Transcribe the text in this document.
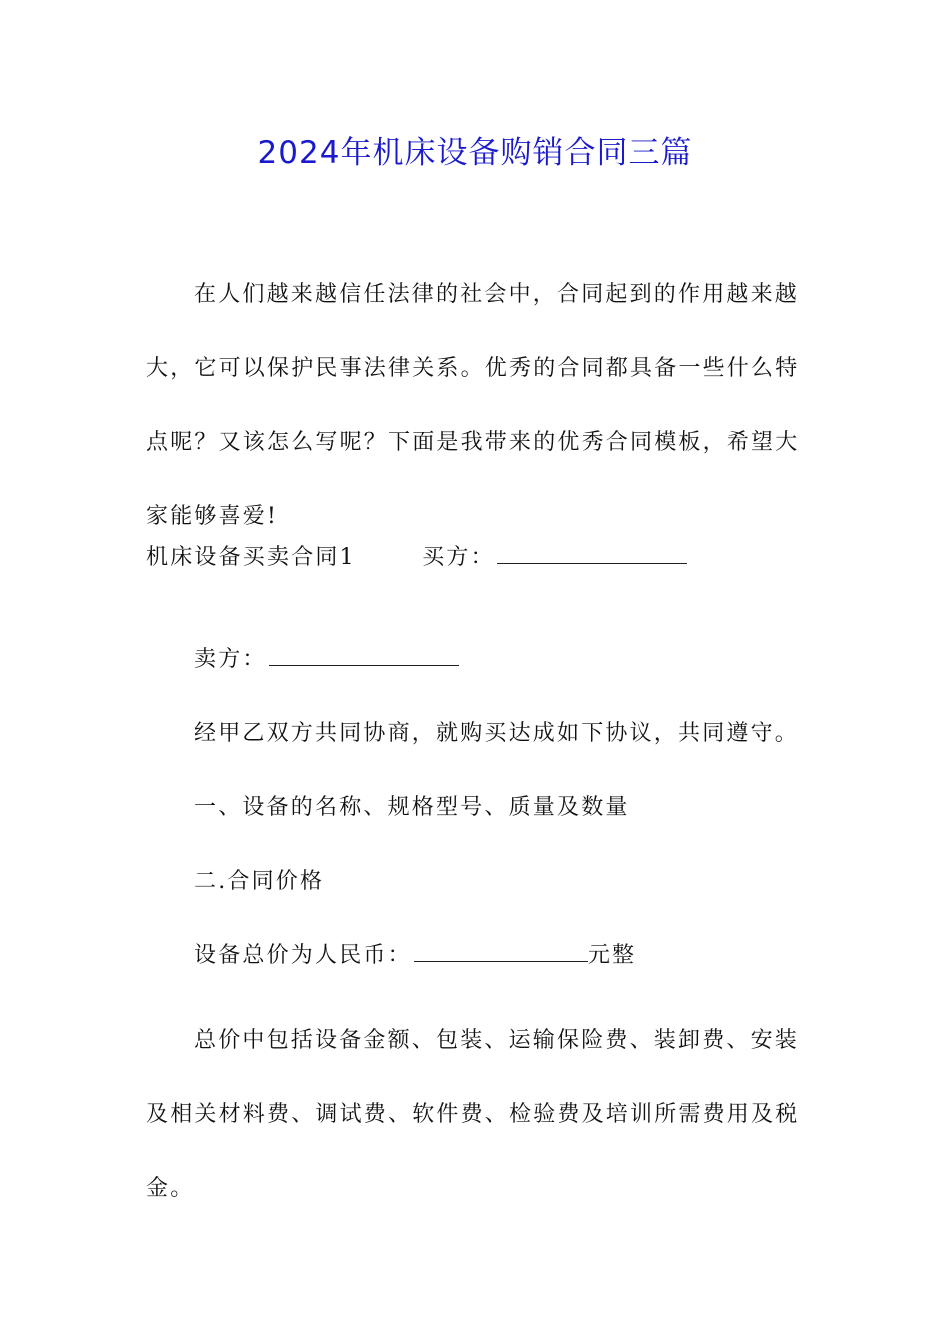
2024年机床设备购销合同三篇

在人们越来越信任法律的社会中，合同起到的作用越来越大，它可以保护民事法律关系。优秀的合同都具备一些什么特点呢？又该怎么写呢？下面是我带来的优秀合同模板，希望大家能够喜爱!

机床设备买卖合同1	买方：
卖方：
经甲乙双方共同协商，就购买达成如下协议，共同遵守。
一、设备的名称、规格型号、质量及数量
二.合同价格
设备总价为人民币：	元整

总价中包括设备金额、包装、运输保险费、装卸费、安装及相关材料费、调试费、软件费、检验费及培训所需费用及税金。
